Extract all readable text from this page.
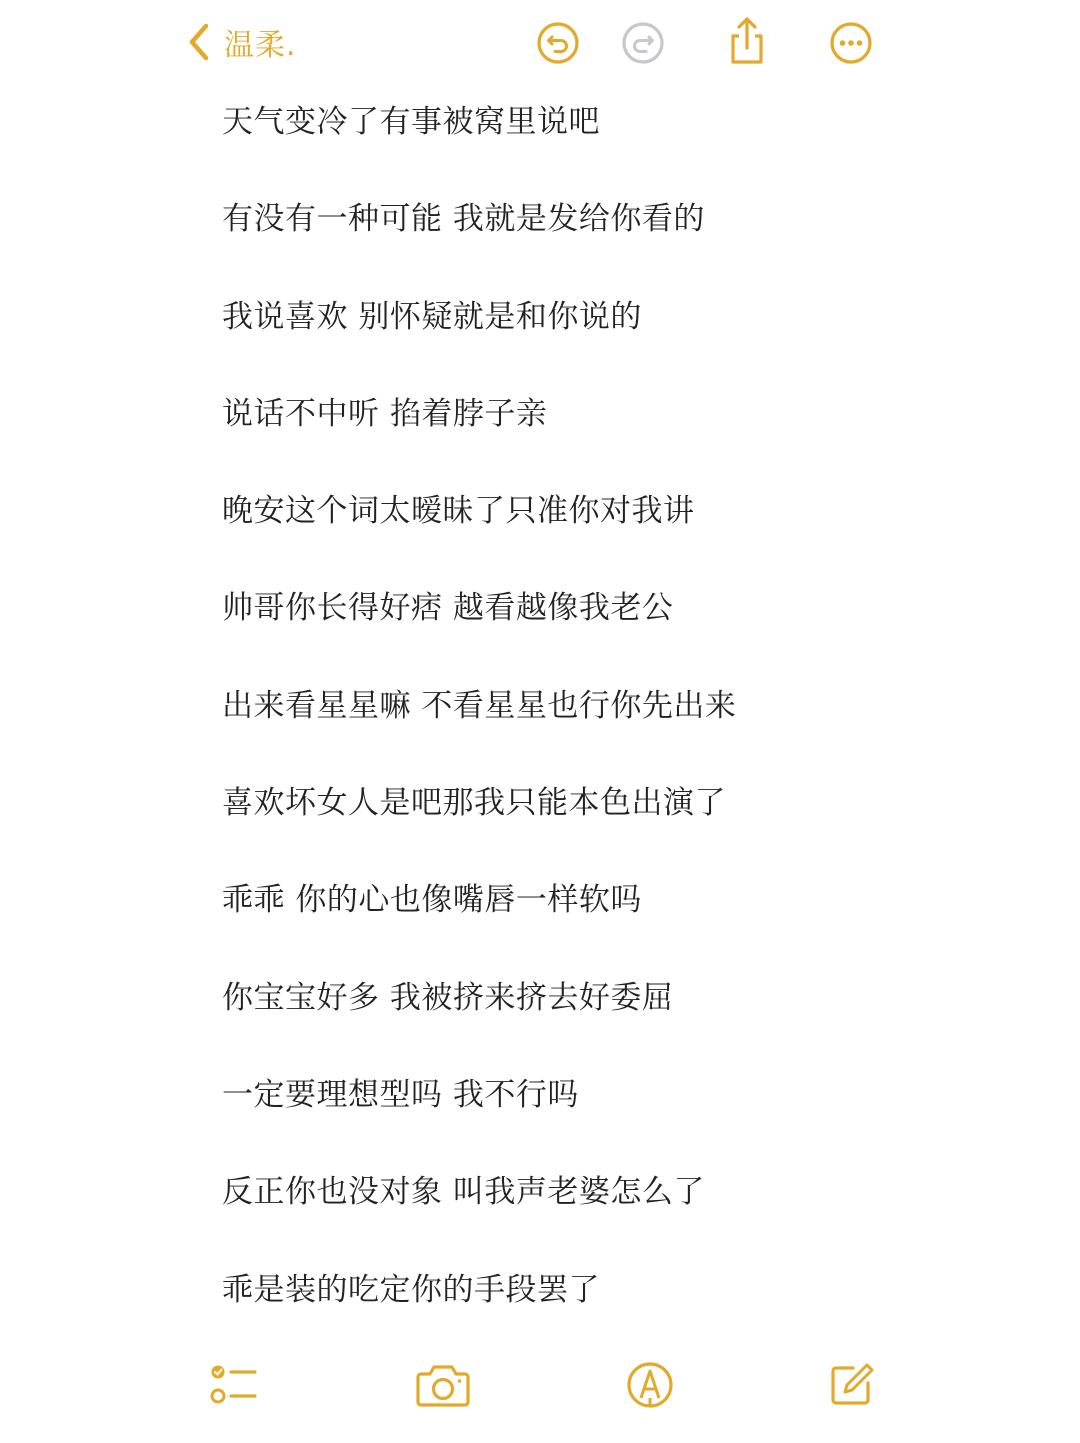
温柔.
天气变冷了有事被窝里说吧
有没有一种可能 我就是发给你看的
我说喜欢 别怀疑就是和你说的
说话不中听 掐着脖子亲
晚安这个词太暧昧了只准你对我讲
帅哥你长得好痞 越看越像我老公
出来看星星嘛 不看星星也行你先出来
喜欢坏女人是吧那我只能本色出演了
乖乖 你的心也像嘴唇一样软吗
你宝宝好多 我被挤来挤去好委屈
一定要理想型吗 我不行吗
反正你也没对象 叫我声老婆怎么了
乖是装的吃定你的手段罢了
